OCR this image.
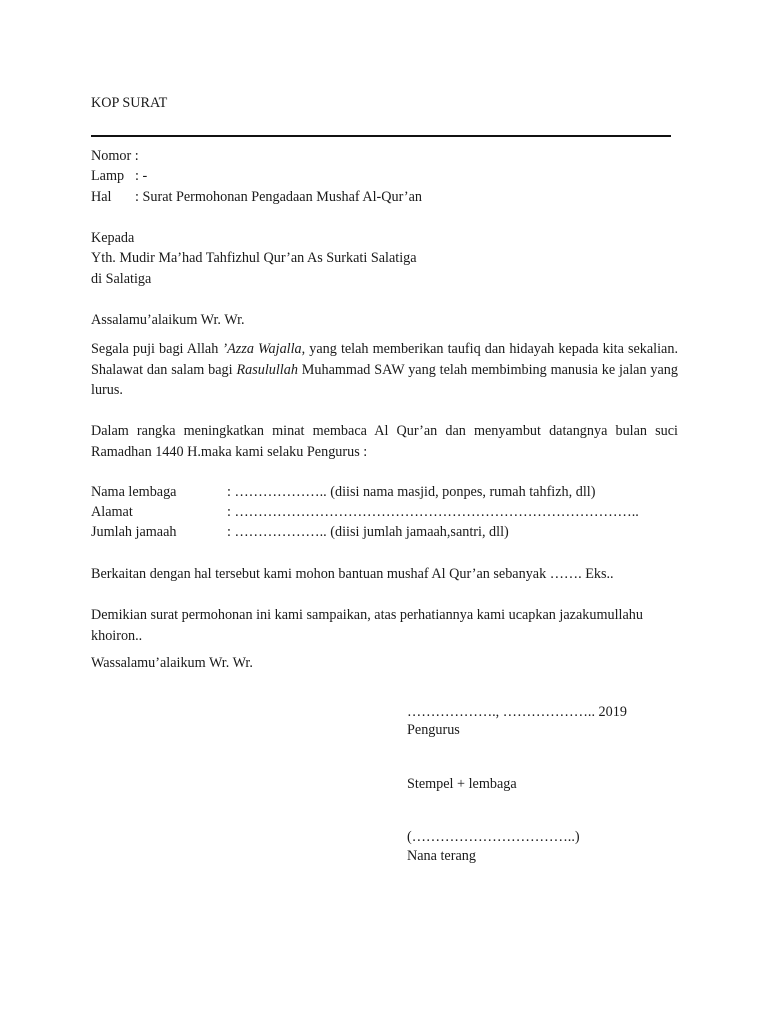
KOP SURAT
Nomor :
Lamp : -
Hal : Surat Permohonan Pengadaan Mushaf Al-Qur’an
Kepada
Yth. Mudir Ma’had Tahfizhul Qur’an As Surkati Salatiga
di Salatiga
Assalamu’alaikum Wr. Wr.

Segala puji bagi Allah ’Azza Wajalla, yang telah memberikan taufiq dan hidayah kepada kita sekalian. Shalawat dan salam bagi Rasulullah Muhammad SAW yang telah membimbing manusia ke jalan yang lurus.

Dalam rangka meningkatkan minat membaca Al Qur’an dan menyambut datangnya bulan suci Ramadhan 1440 H.maka kami selaku Pengurus :

Nama lembaga	: ……………….. (diisi nama masjid, ponpes, rumah tahfizh, dll)
Alamat	: …………………………………………………………………………..
Jumlah jamaah	: ……………….. (diisi jumlah jamaah,santri, dll)
Berkaitan dengan hal tersebut kami mohon bantuan mushaf Al Qur’an sebanyak ……. Eks..

Demikian surat permohonan ini kami sampaikan, atas perhatiannya kami ucapkan jazakumullahu khoiron..

Wassalamu’alaikum Wr. Wr.
………………., ……………….. 2019
Pengurus
Stempel + lembaga
(……………………………..)
Nana terang
